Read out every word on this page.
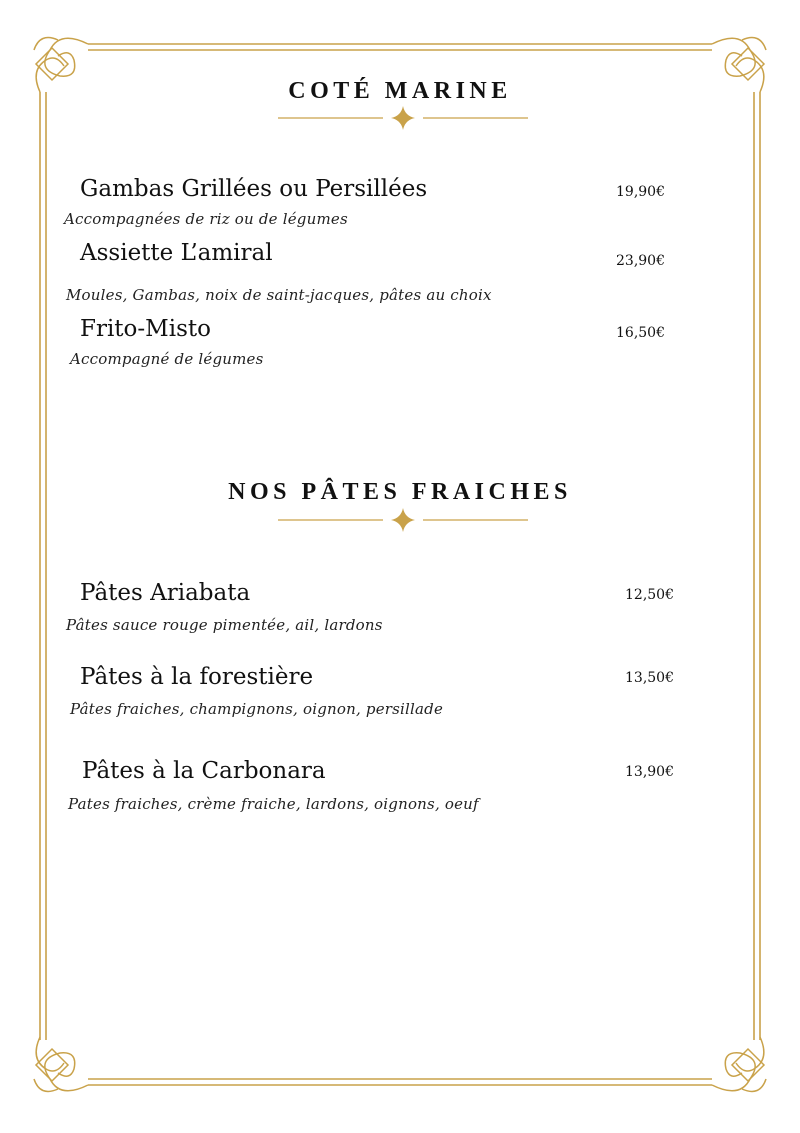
COTÉ MARINE
Gambas Grillées ou Persillées	19,90€
Accompagnées de riz ou de légumes
Assiette L’amiral	23,90€
Moules, Gambas, noix de saint-jacques, pâtes au choix
Frito-Misto	16,50€
Accompagné de légumes
NOS PÂTES FRAICHES
Pâtes Ariabata	12,50€
Pâtes sauce rouge pimentée, ail, lardons
Pâtes à la forestière	13,50€
Pâtes fraiches, champignons, oignon, persillade
Pâtes à la Carbonara	13,90€
Pates fraiches, crème fraiche, lardons, oignons, oeuf
